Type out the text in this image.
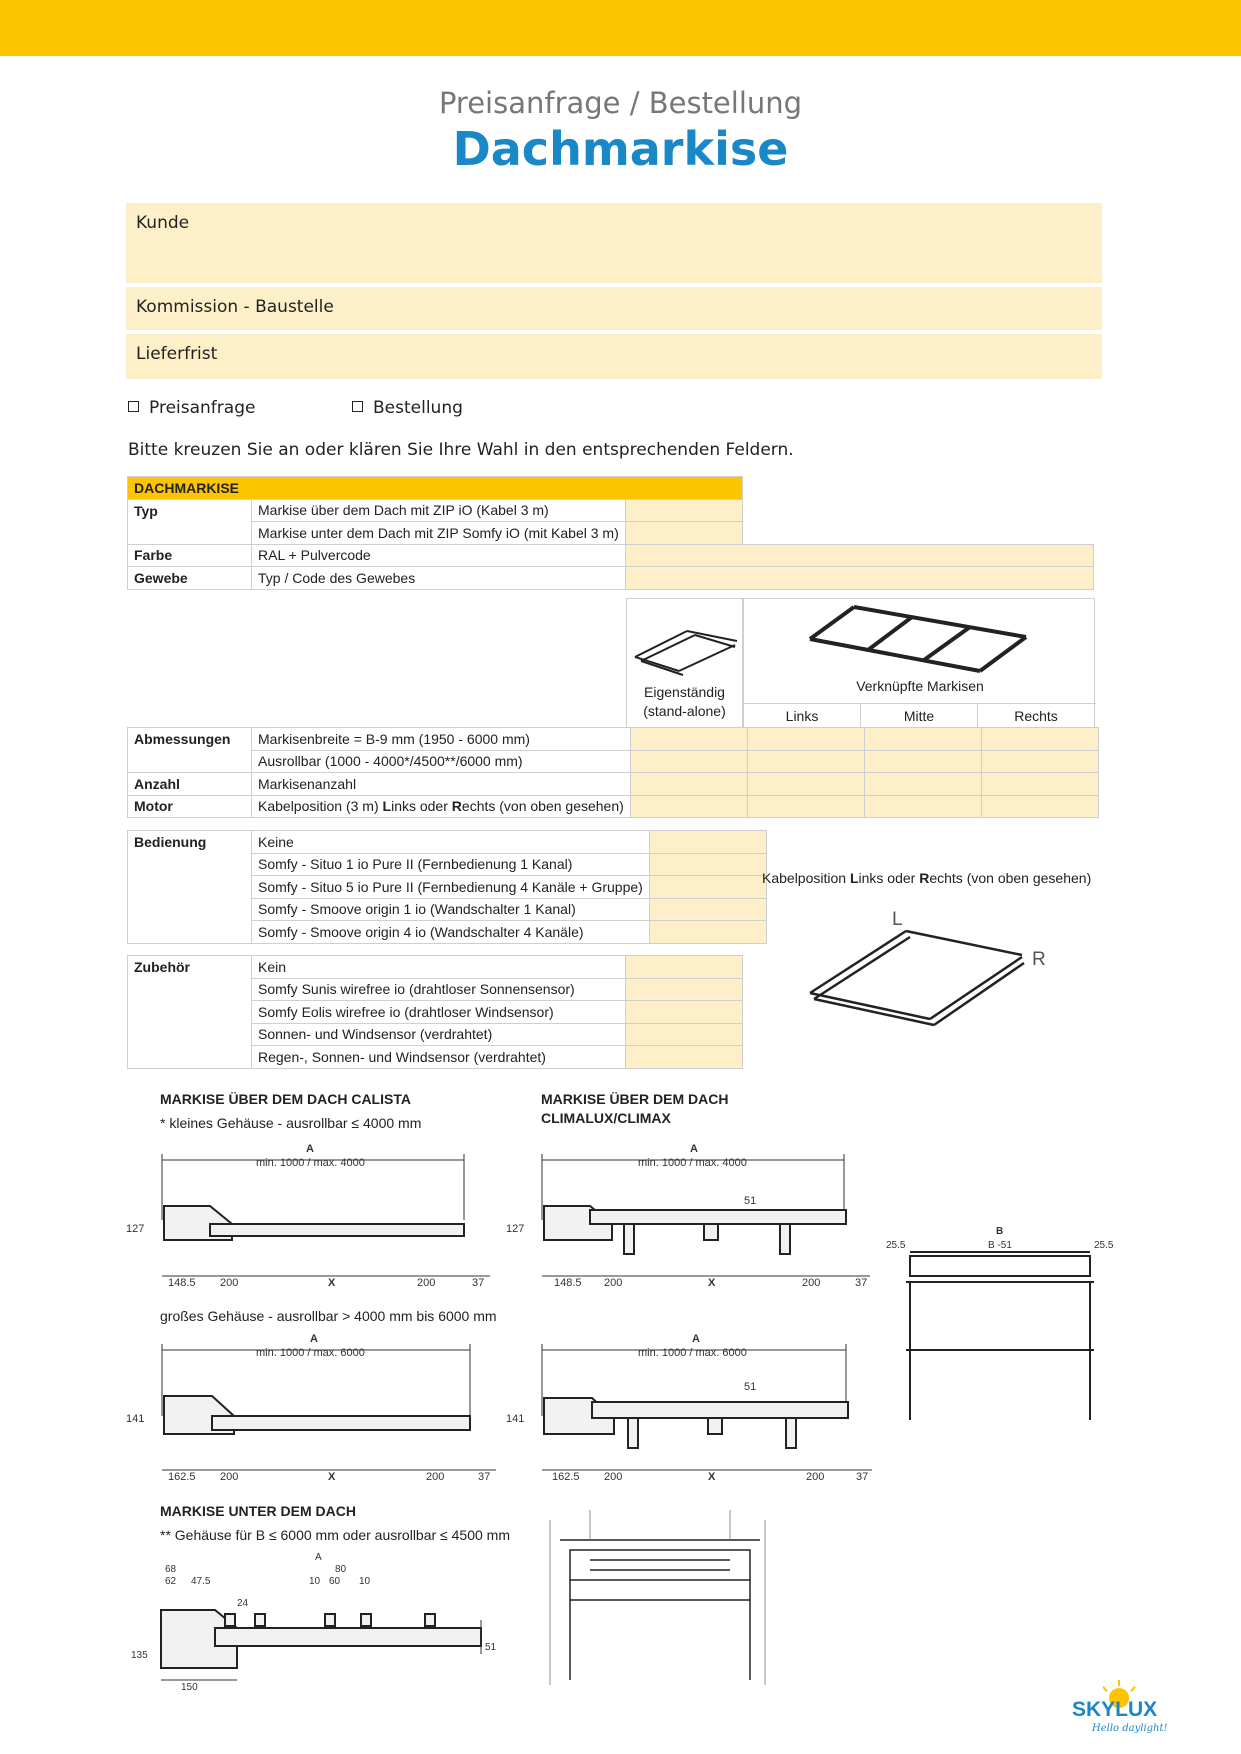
Preisanfrage / Bestellung
Dachmarkise
Kunde
Kommission - Baustelle
Lieferfrist
Preisanfrage	Bestellung
Bitte kreuzen Sie an oder klären Sie Ihre Wahl in den entsprechenden Feldern.
DACHMARKISE			
Typ	Markise über dem Dach mit ZIP iO (Kabel 3 m)		
	Markise unter dem Dach mit ZIP Somfy iO (mit Kabel 3 m)		
Farbe	RAL + Pulvercode		
Gewebe	Typ / Code des Gewebes		
Eigenständig
(stand-alone)
Verknüpfte Markisen
Links	Mitte	Rechts
Abmessungen	Markisenbreite = B-9 mm (1950 - 6000 mm)				
	Ausrollbar (1000 - 4000*/4500**/6000 mm)				
Anzahl	Markisenanzahl				
Motor	Kabelposition (3 m) Links oder Rechts (von oben gesehen)				
Bedienung	Keine	
	Somfy - Situo 1 io Pure II (Fernbedienung 1 Kanal)	
	Somfy - Situo 5 io Pure II (Fernbedienung 4 Kanäle + Gruppe)	
	Somfy - Smoove origin 1 io (Wandschalter 1 Kanal)	
	Somfy - Smoove origin 4 io (Wandschalter 4 Kanäle)	
Zubehör	Kein	
	Somfy Sunis wirefree io (drahtloser Sonnensensor)	
	Somfy Eolis wirefree io (drahtloser Windsensor)	
	Sonnen- und Windsensor (verdrahtet)	
	Regen-, Sonnen- und Windsensor (verdrahtet)	
Kabelposition Links oder Rechts (von oben gesehen)
L
R
MARKISE ÜBER DEM DACH CALISTA
* kleines Gehäuse - ausrollbar ≤ 4000 mm
MARKISE ÜBER DEM DACH
CLIMALUX/CLIMAX
großes Gehäuse - ausrollbar > 4000 mm bis 6000 mm
MARKISE UNTER DEM DACH
** Gehäuse für B ≤ 6000 mm oder ausrollbar ≤ 4500 mm
A
min. 1000 / max. 4000
127
148.5 200	X	200	37
A
min. 1000 / max. 4000
127
51
148.5 200	X	200	37
A
min. 1000 / max. 6000
141
162.5 200	X	200	37
A
min. 1000 / max. 6000
141
51
162.5 200	X	200	37
B
B -51
25.5	25.5
A
68
62 47.5	10
80
60 10
24
135
150
51
SKYLUX
Hello daylight!
